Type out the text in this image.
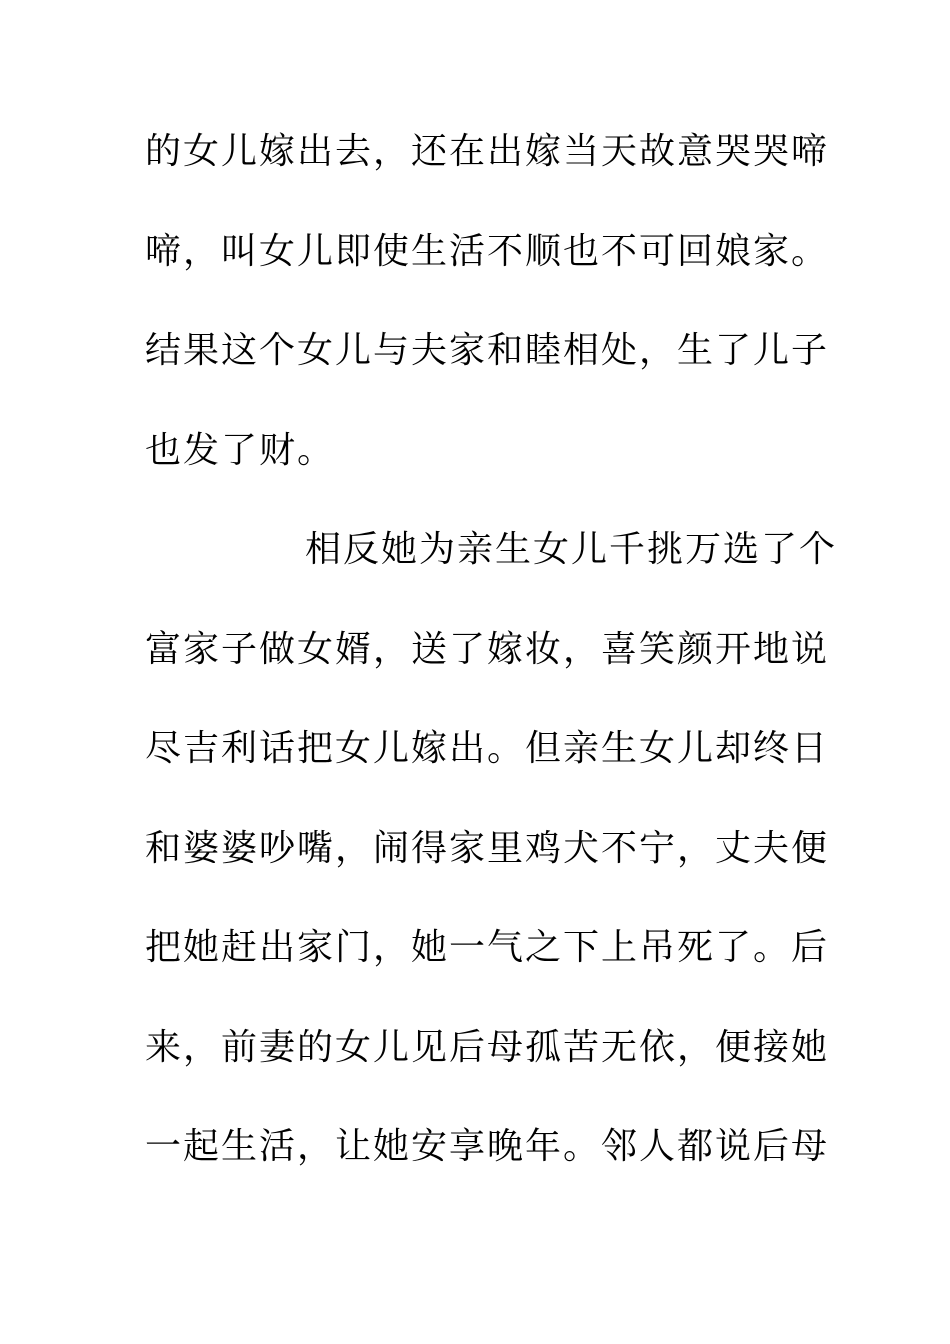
的女儿嫁出去，还在出嫁当天故意哭哭啼
啼，叫女儿即使生活不顺也不可回娘家。
结果这个女儿与夫家和睦相处，生了儿子
也发了财。
相反她为亲生女儿千挑万选了个
富家子做女婿，送了嫁妆，喜笑颜开地说
尽吉利话把女儿嫁出。但亲生女儿却终日
和婆婆吵嘴，闹得家里鸡犬不宁，丈夫便
把她赶出家门，她一气之下上吊死了。后
来，前妻的女儿见后母孤苦无依，便接她
一起生活，让她安享晚年。邻人都说后母
